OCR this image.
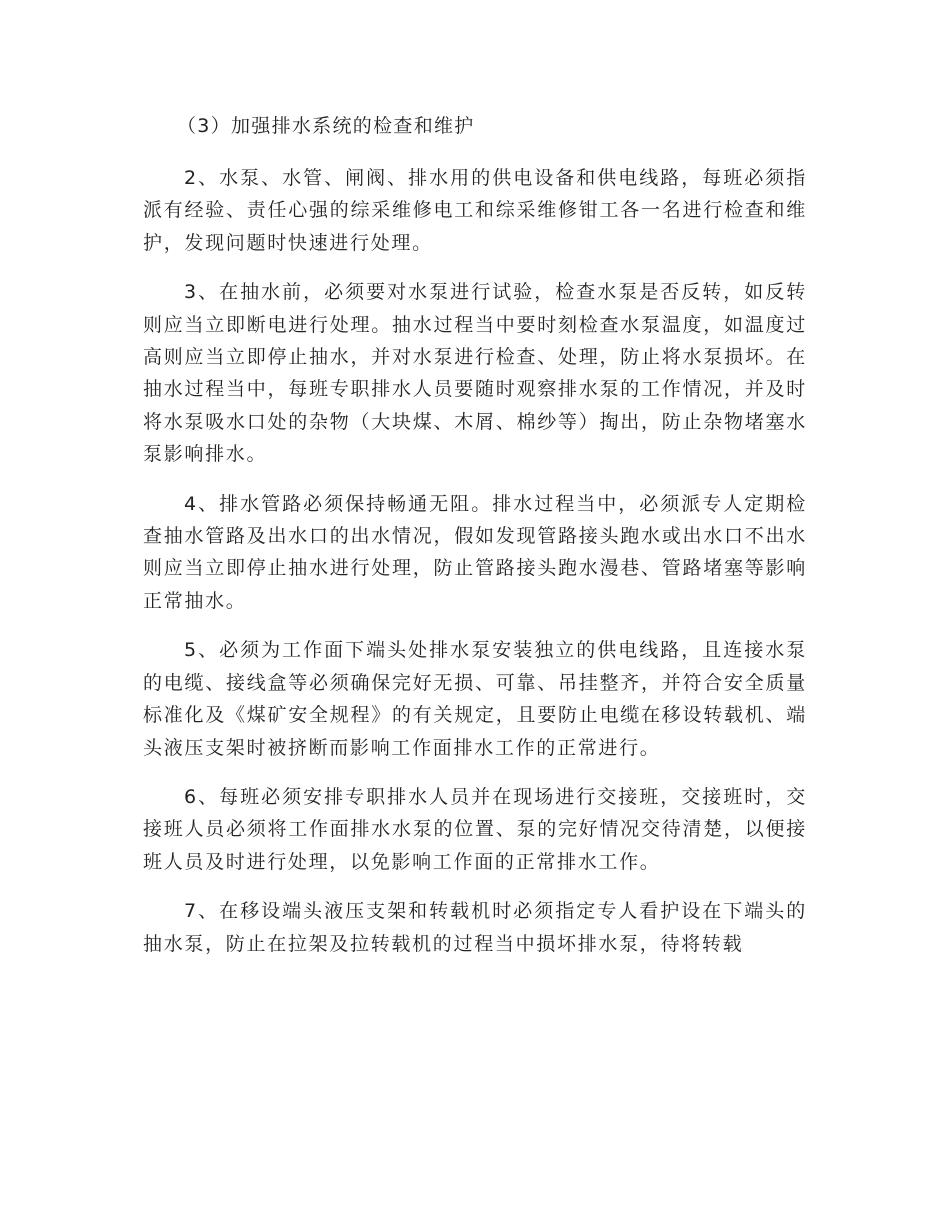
（3）加强排水系统的检查和维护

2、水泵、水管、闸阀、排水用的供电设备和供电线路，每班必须指派有经验、责任心强的综采维修电工和综采维修钳工各一名进行检查和维护，发现问题时快速进行处理。

3、在抽水前，必须要对水泵进行试验，检查水泵是否反转，如反转则应当立即断电进行处理。抽水过程当中要时刻检查水泵温度，如温度过高则应当立即停止抽水，并对水泵进行检查、处理，防止将水泵损坏。在抽水过程当中，每班专职排水人员要随时观察排水泵的工作情况，并及时将水泵吸水口处的杂物（大块煤、木屑、棉纱等）掏出，防止杂物堵塞水泵影响排水。

4、排水管路必须保持畅通无阻。排水过程当中，必须派专人定期检查抽水管路及出水口的出水情况，假如发现管路接头跑水或出水口不出水则应当立即停止抽水进行处理，防止管路接头跑水漫巷、管路堵塞等影响正常抽水。

5、必须为工作面下端头处排水泵安装独立的供电线路，且连接水泵的电缆、接线盒等必须确保完好无损、可靠、吊挂整齐，并符合安全质量标准化及《煤矿安全规程》的有关规定，且要防止电缆在移设转载机、端头液压支架时被挤断而影响工作面排水工作的正常进行。

6、每班必须安排专职排水人员并在现场进行交接班，交接班时，交接班人员必须将工作面排水水泵的位置、泵的完好情况交待清楚，以便接班人员及时进行处理，以免影响工作面的正常排水工作。

7、在移设端头液压支架和转载机时必须指定专人看护设在下端头的抽水泵，防止在拉架及拉转载机的过程当中损坏排水泵，待将转载
